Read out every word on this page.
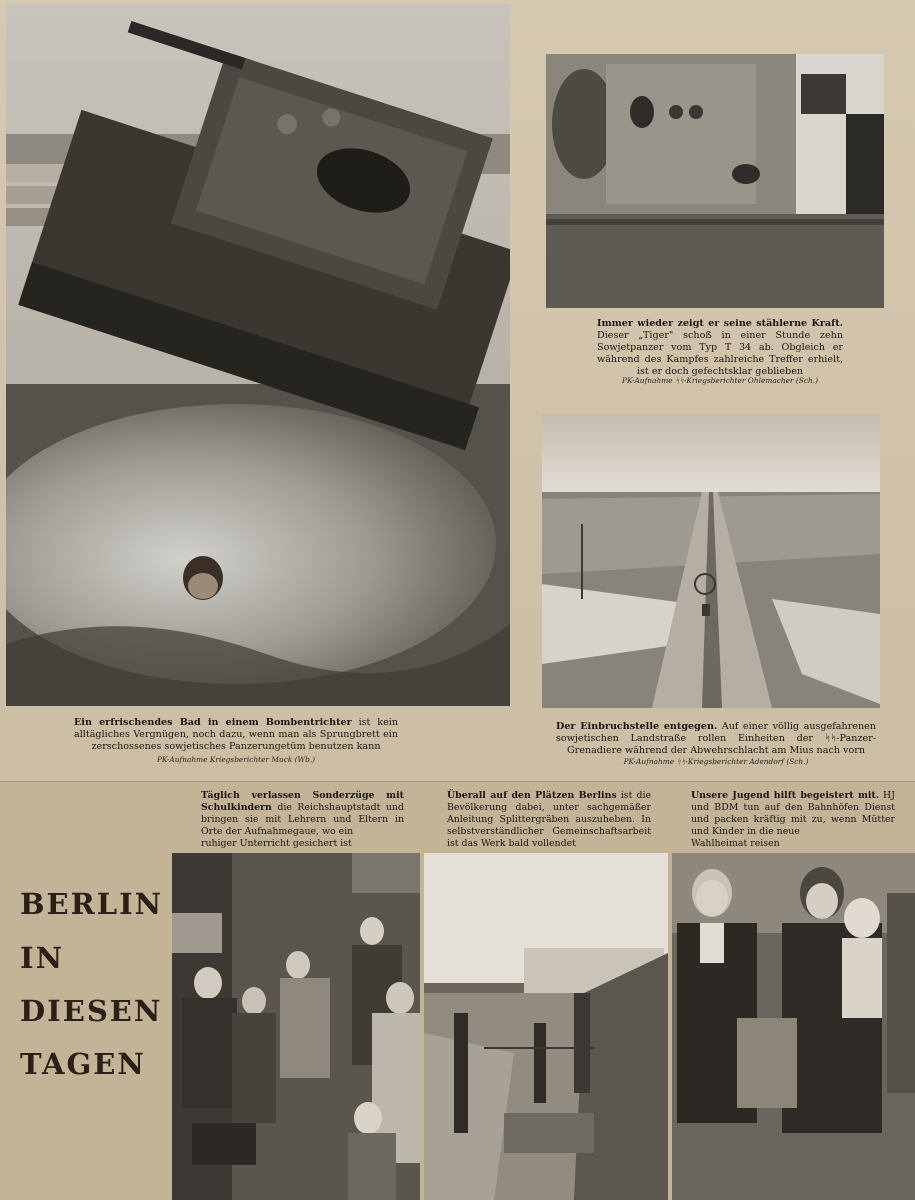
Ein erfrischendes Bad in einem Bombentrichter ist kein alltägliches Vergnügen, noch dazu, wenn man als Sprungbrett ein zerschossenes sowjetisches Panzerungetüm benutzen kann
PK-Aufnahme Kriegsberichter Muck (Wb.)
Immer wieder zeigt er seine stählerne Kraft. Dieser „Tiger" schoß in einer Stunde zehn Sowjetpanzer vom Typ T 34 ab. Obgleich er während des Kampfes zahlreiche Treffer erhielt, ist er doch gefechtsklar geblieben
PK-Aufnahme ᛋᛋ-Kriegsberichter Ohlemacher (Sch.)
Der Einbruchstelle entgegen. Auf einer völlig ausgefahrenen sowjetischen Landstraße rollen Einheiten der ᛋᛋ-Panzer-Grenadiere während der Abwehrschlacht am Mius nach vorn
PK-Aufnahme ᛋᛋ-Kriegsberichter Adendorf (Sch.)
BERLIN
IN
DIESEN
TAGEN
Täglich verlassen Sonderzüge mit Schulkindern die Reichshauptstadt und bringen sie mit Lehrern und Eltern in Orte der Aufnahmegaue, wo ein
ruhiger Unterricht gesichert ist
Überall auf den Plätzen Berlins ist die Bevölkerung dabei, unter sachgemäßer Anleitung Splittergräben auszuheben. In selbstverständlicher Gemeinschaftsarbeit ist das Werk bald vollendet
Unsere Jugend hilft begeistert mit. HJ und BDM tun auf den Bahnhöfen Dienst und packen kräftig mit zu, wenn Mütter und Kinder in die neue
Wahlheimat reisen
